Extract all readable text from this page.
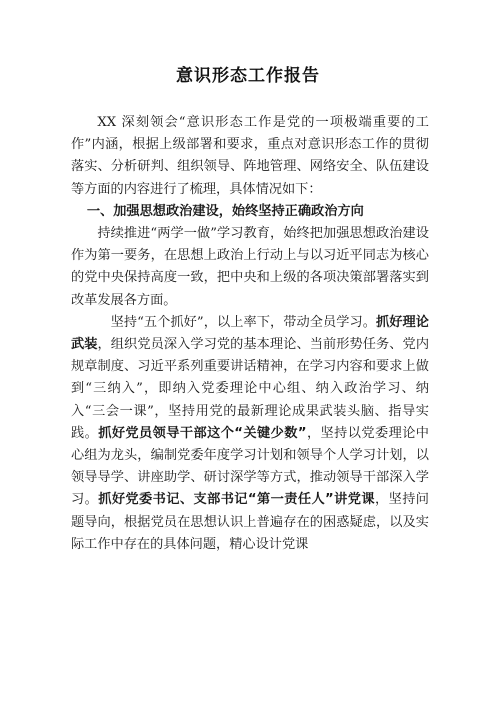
意识形态工作报告

XX 深刻领会“意识形态工作是党的一项极端重要的工作”内涵，根据上级部署和要求，重点对意识形态工作的贯彻落实、分析研判、组织领导、阵地管理、网络安全、队伍建设等方面的内容进行了梳理，具体情况如下：

一、加强思想政治建设，始终坚持正确政治方向

持续推进“两学一做”学习教育，始终把加强思想政治建设作为第一要务，在思想上政治上行动上与以习近平同志为核心的党中央保持高度一致，把中央和上级的各项决策部署落实到改革发展各方面。

坚持“五个抓好”，以上率下，带动全员学习。抓好理论武装，组织党员深入学习党的基本理论、当前形势任务、党内规章制度、习近平系列重要讲话精神，在学习内容和要求上做到“三纳入”，即纳入党委理论中心组、纳入政治学习、纳入“三会一课”，坚持用党的最新理论成果武装头脑、指导实践。抓好党员领导干部这个“关键少数”，坚持以党委理论中心组为龙头，编制党委年度学习计划和领导个人学习计划，以领导导学、讲座助学、研讨深学等方式，推动领导干部深入学习。抓好党委书记、支部书记“第一责任人”讲党课，坚持问题导向，根据党员在思想认识上普遍存在的困惑疑虑，以及实际工作中存在的具体问题，精心设计党课
